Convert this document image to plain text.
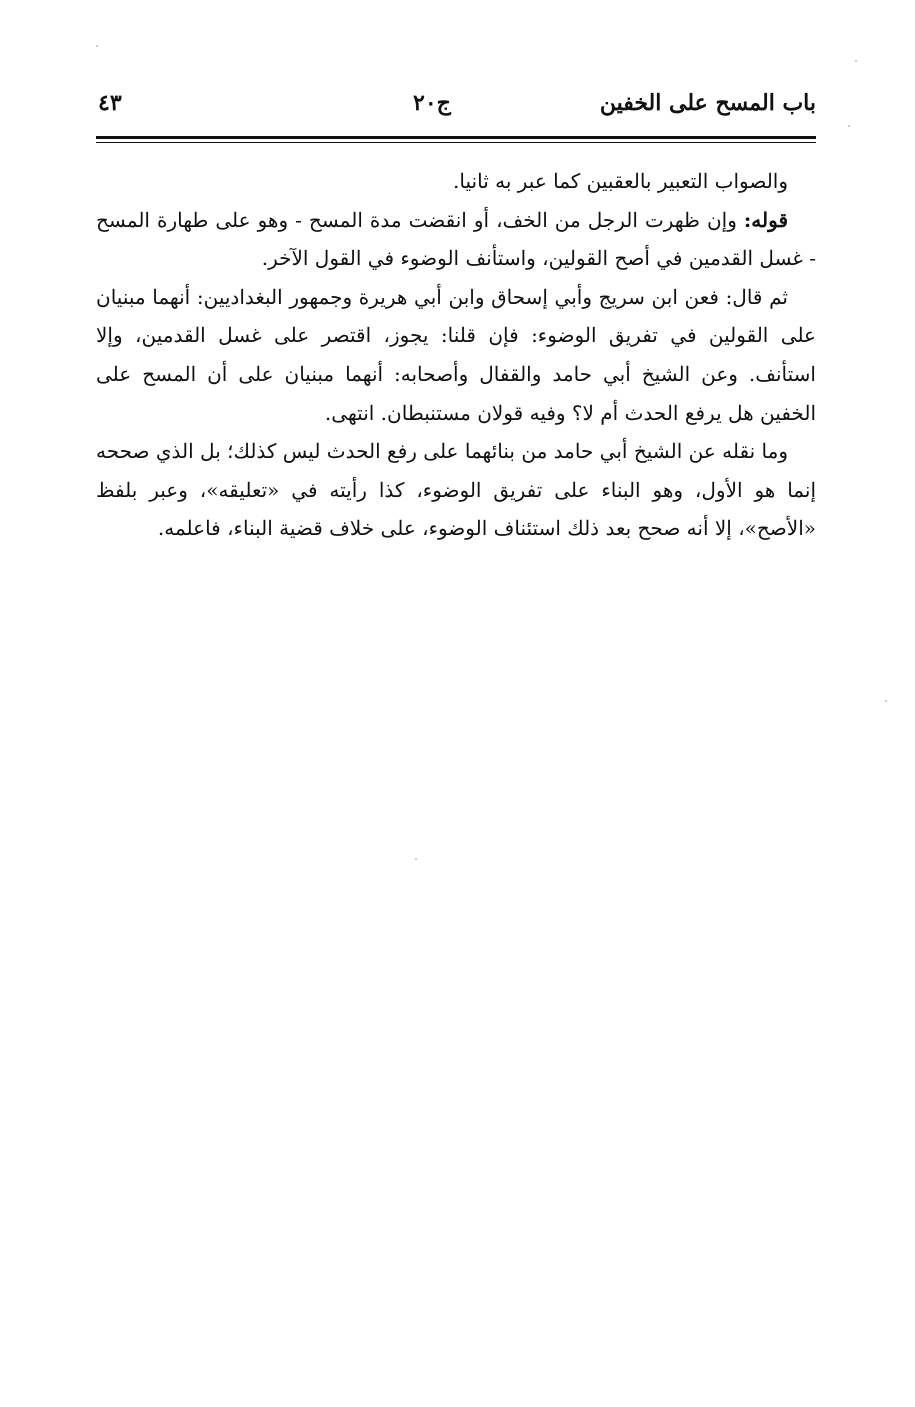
باب المسح على الخفين
ج٢٠
٤٣

والصواب التعبير بالعقبين كما عبر به ثانيا.

قوله: وإن ظهرت الرجل من الخف، أو انقضت مدة المسح - وهو على طهارة المسح - غسل القدمين في أصح القولين، واستأنف الوضوء في القول الآخر.

ثم قال: فعن ابن سريج وأبي إسحاق وابن أبي هريرة وجمهور البغداديين: أنهما مبنيان على القولين في تفريق الوضوء: فإن قلنا: يجوز، اقتصر على غسل القدمين، وإلا استأنف. وعن الشيخ أبي حامد والقفال وأصحابه: أنهما مبنيان على أن المسح على الخفين هل يرفع الحدث أم لا؟ وفيه قولان مستنبطان. انتهى.

وما نقله عن الشيخ أبي حامد من بنائهما على رفع الحدث ليس كذلك؛ بل الذي صححه إنما هو الأول، وهو البناء على تفريق الوضوء، كذا رأيته في «تعليقه»، وعبر بلفظ «الأصح»، إلا أنه صحح بعد ذلك استئناف الوضوء، على خلاف قضية البناء، فاعلمه.
